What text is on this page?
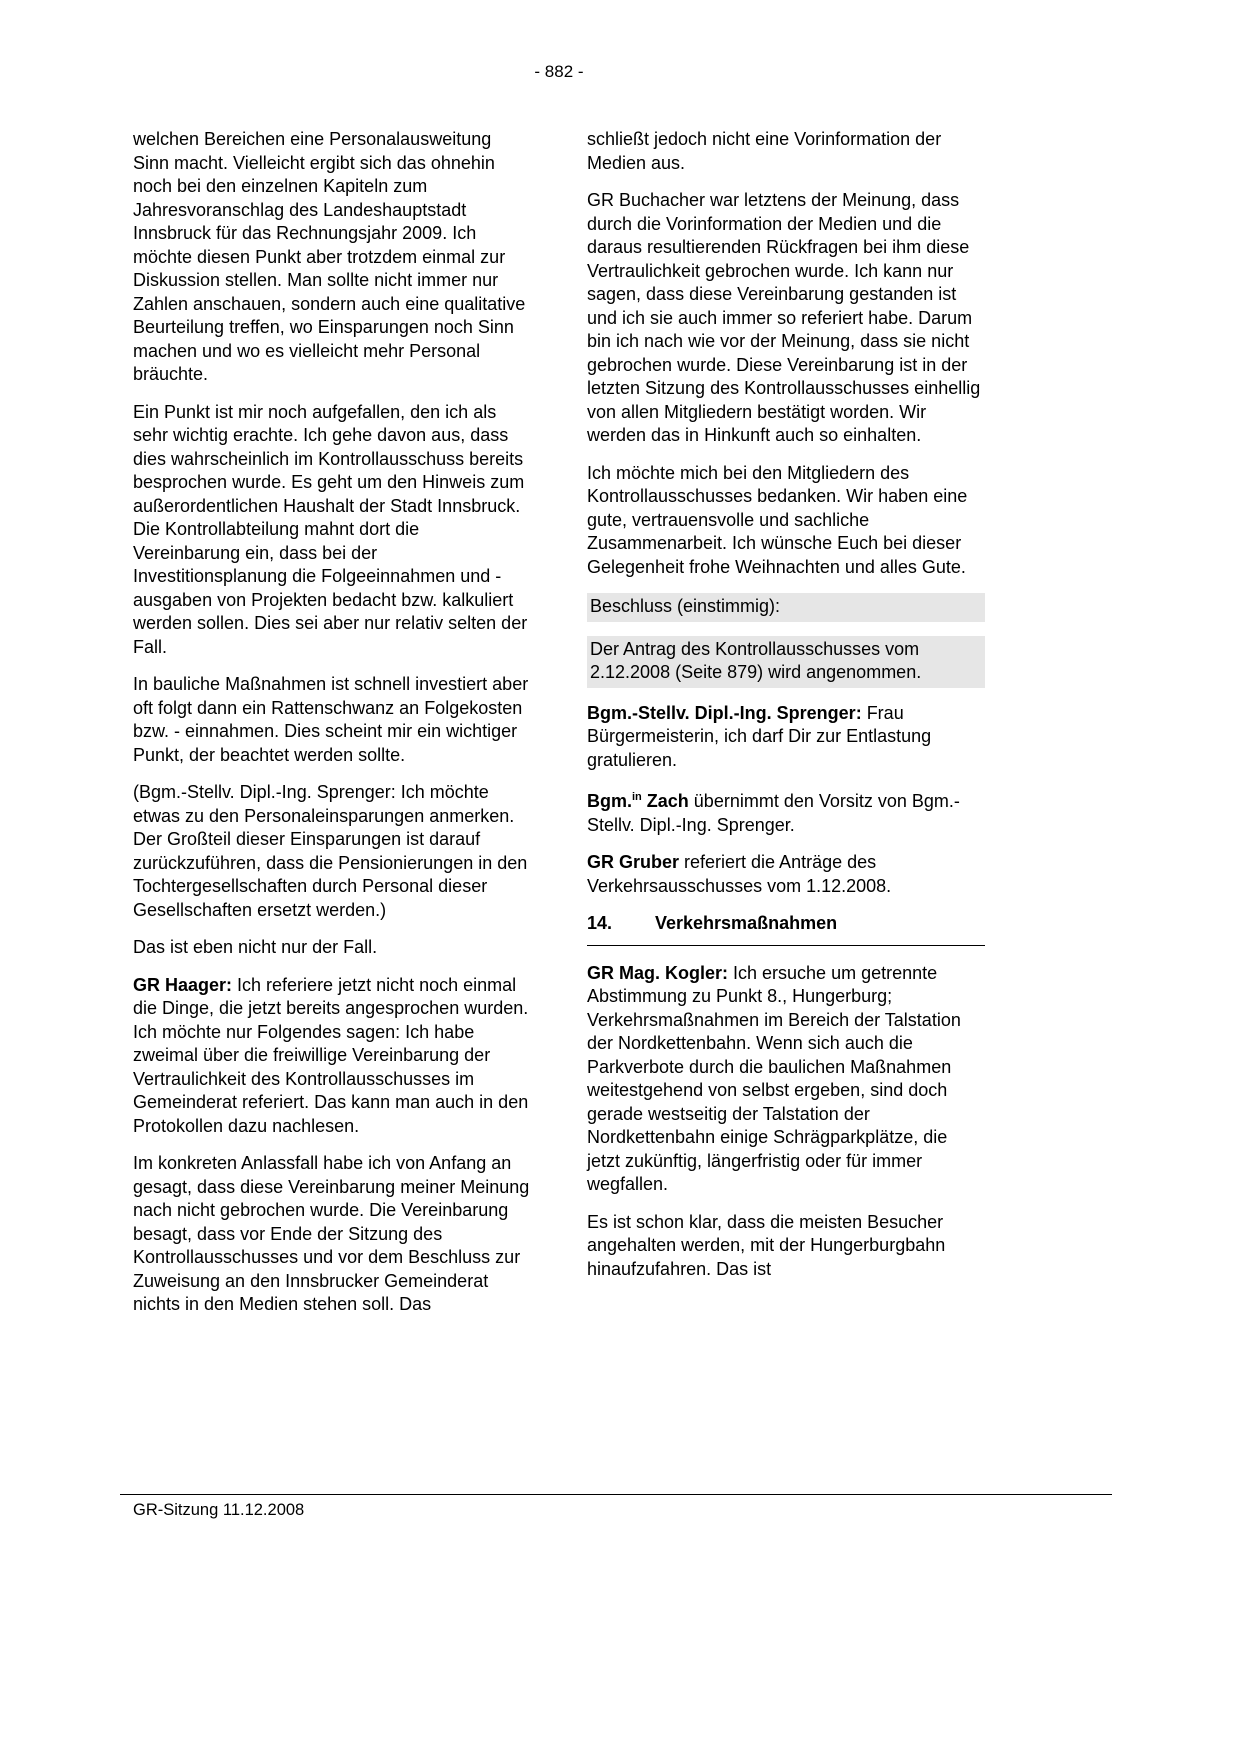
- 882 -

welchen Bereichen eine Personalausweitung Sinn macht. Vielleicht ergibt sich das ohnehin noch bei den einzelnen Kapiteln zum Jahresvoranschlag des Landeshauptstadt Innsbruck für das Rechnungsjahr 2009. Ich möchte diesen Punkt aber trotzdem einmal zur Diskussion stellen. Man sollte nicht immer nur Zahlen anschauen, sondern auch eine qualitative Beurteilung treffen, wo Einsparungen noch Sinn machen und wo es vielleicht mehr Personal bräuchte.

Ein Punkt ist mir noch aufgefallen, den ich als sehr wichtig erachte. Ich gehe davon aus, dass dies wahrscheinlich im Kontrollausschuss bereits besprochen wurde. Es geht um den Hinweis zum außerordentlichen Haushalt der Stadt Innsbruck. Die Kontrollabteilung mahnt dort die Vereinbarung ein, dass bei der Investitionsplanung die Folgeeinnahmen und - ausgaben von Projekten bedacht bzw. kalkuliert werden sollen. Dies sei aber nur relativ selten der Fall.

In bauliche Maßnahmen ist schnell investiert aber oft folgt dann ein Rattenschwanz an Folgekosten bzw. - einnahmen. Dies scheint mir ein wichtiger Punkt, der beachtet werden sollte.

(Bgm.-Stellv. Dipl.-Ing. Sprenger: Ich möchte etwas zu den Personaleinsparungen anmerken. Der Großteil dieser Einsparungen ist darauf zurückzuführen, dass die Pensionierungen in den Tochtergesellschaften durch Personal dieser Gesellschaften ersetzt werden.)

Das ist eben nicht nur der Fall.

GR Haager: Ich referiere jetzt nicht noch einmal die Dinge, die jetzt bereits angesprochen wurden. Ich möchte nur Folgendes sagen: Ich habe zweimal über die freiwillige Vereinbarung der Vertraulichkeit des Kontrollausschusses im Gemeinderat referiert. Das kann man auch in den Protokollen dazu nachlesen.

Im konkreten Anlassfall habe ich von Anfang an gesagt, dass diese Vereinbarung meiner Meinung nach nicht gebrochen wurde. Die Vereinbarung besagt, dass vor Ende der Sitzung des Kontrollausschusses und vor dem Beschluss zur Zuweisung an den Innsbrucker Gemeinderat nichts in den Medien stehen soll. Das

schließt jedoch nicht eine Vorinformation der Medien aus.

GR Buchacher war letztens der Meinung, dass durch die Vorinformation der Medien und die daraus resultierenden Rückfragen bei ihm diese Vertraulichkeit gebrochen wurde. Ich kann nur sagen, dass diese Vereinbarung gestanden ist und ich sie auch immer so referiert habe. Darum bin ich nach wie vor der Meinung, dass sie nicht gebrochen wurde. Diese Vereinbarung ist in der letzten Sitzung des Kontrollausschusses einhellig von allen Mitgliedern bestätigt worden. Wir werden das in Hinkunft auch so einhalten.

Ich möchte mich bei den Mitgliedern des Kontrollausschusses bedanken. Wir haben eine gute, vertrauensvolle und sachliche Zusammenarbeit. Ich wünsche Euch bei dieser Gelegenheit frohe Weihnachten und alles Gute.

Beschluss (einstimmig):

Der Antrag des Kontrollausschusses vom 2.12.2008 (Seite 879) wird angenommen.

Bgm.-Stellv. Dipl.-Ing. Sprenger: Frau Bürgermeisterin, ich darf Dir zur Entlastung gratulieren.

Bgm.$^{in}$ Zach übernimmt den Vorsitz von Bgm.-Stellv. Dipl.-Ing. Sprenger.

GR Gruber referiert die Anträge des Verkehrsausschusses vom 1.12.2008.

14. Verkehrsmaßnahmen

GR Mag. Kogler: Ich ersuche um getrennte Abstimmung zu Punkt 8., Hungerburg; Verkehrsmaßnahmen im Bereich der Talstation der Nordkettenbahn. Wenn sich auch die Parkverbote durch die baulichen Maßnahmen weitestgehend von selbst ergeben, sind doch gerade westseitig der Talstation der Nordkettenbahn einige Schrägparkplätze, die jetzt zukünftig, längerfristig oder für immer wegfallen.

Es ist schon klar, dass die meisten Besucher angehalten werden, mit der Hungerburgbahn hinaufzufahren. Das ist

GR-Sitzung 11.12.2008
